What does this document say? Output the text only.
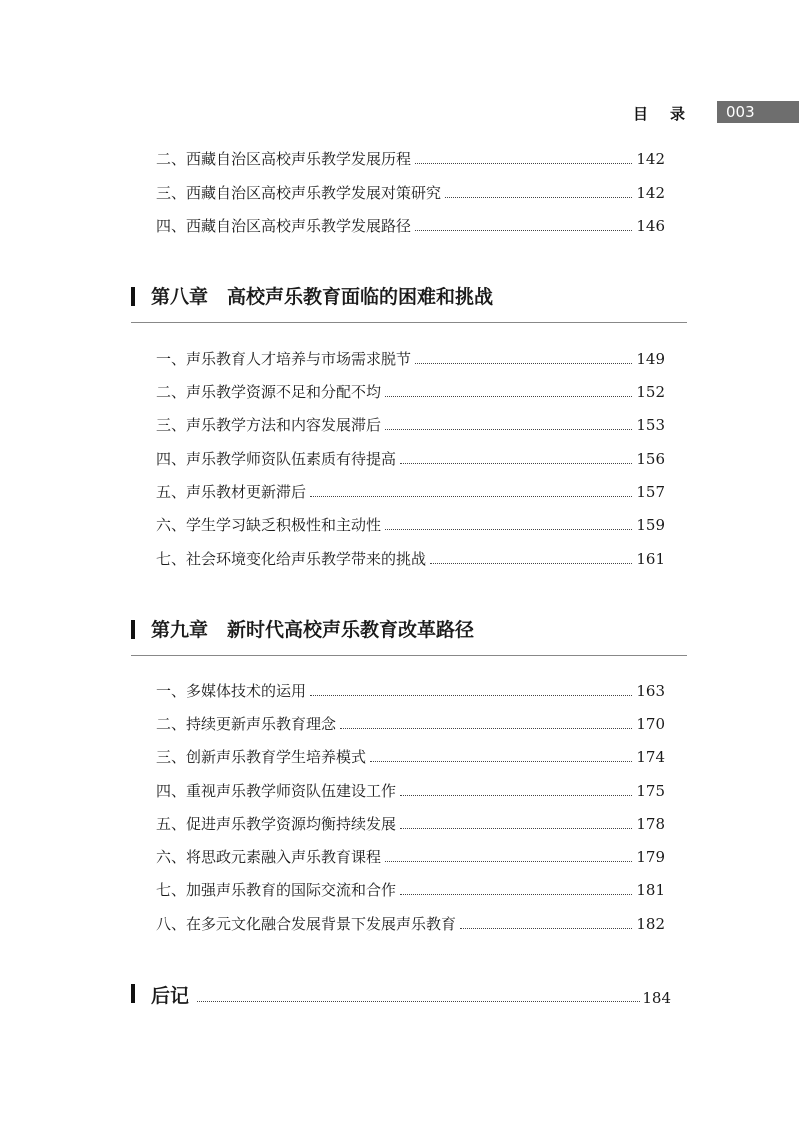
目录	003
二、西藏自治区高校声乐教学发展历程	142
三、西藏自治区高校声乐教学发展对策研究	142
四、西藏自治区高校声乐教学发展路径	146
第八章　高校声乐教育面临的困难和挑战
一、声乐教育人才培养与市场需求脱节	149
二、声乐教学资源不足和分配不均	152
三、声乐教学方法和内容发展滞后	153
四、声乐教学师资队伍素质有待提高	156
五、声乐教材更新滞后	157
六、学生学习缺乏积极性和主动性	159
七、社会环境变化给声乐教学带来的挑战	161
第九章　新时代高校声乐教育改革路径
一、多媒体技术的运用	163
二、持续更新声乐教育理念	170
三、创新声乐教育学生培养模式	174
四、重视声乐教学师资队伍建设工作	175
五、促进声乐教学资源均衡持续发展	178
六、将思政元素融入声乐教育课程	179
七、加强声乐教育的国际交流和合作	181
八、在多元文化融合发展背景下发展声乐教育	182
后记	184
